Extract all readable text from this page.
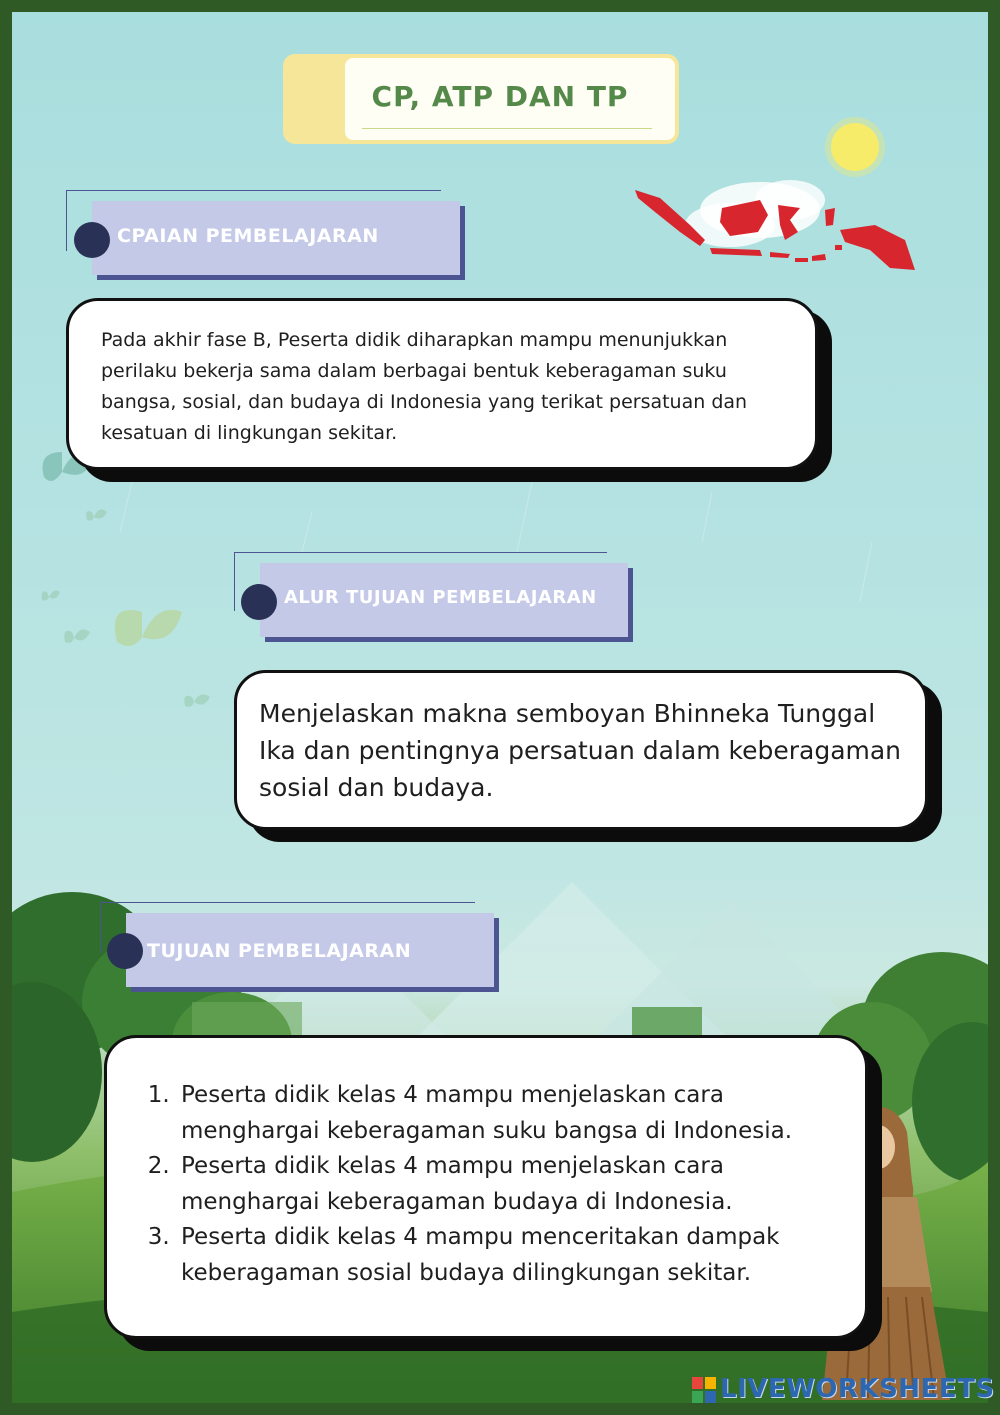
CP, ATP DAN TP
CPAIAN PEMBELAJARAN

Pada akhir fase B, Peserta didik diharapkan mampu menunjukkan perilaku bekerja sama dalam berbagai bentuk keberagaman suku bangsa, sosial, dan budaya di Indonesia yang terikat persatuan dan kesatuan di lingkungan sekitar.

ALUR TUJUAN PEMBELAJARAN

Menjelaskan makna semboyan Bhinneka Tunggal Ika dan pentingnya persatuan dalam keberagaman sosial dan budaya.

TUJUAN PEMBELAJARAN
1. Peserta didik kelas 4 mampu menjelaskan cara menghargai keberagaman suku bangsa di Indonesia.
2. Peserta didik kelas 4 mampu menjelaskan cara menghargai keberagaman budaya di Indonesia.
3. Peserta didik kelas 4 mampu menceritakan dampak keberagaman sosial budaya dilingkungan sekitar.
LIVEWORKSHEETS
